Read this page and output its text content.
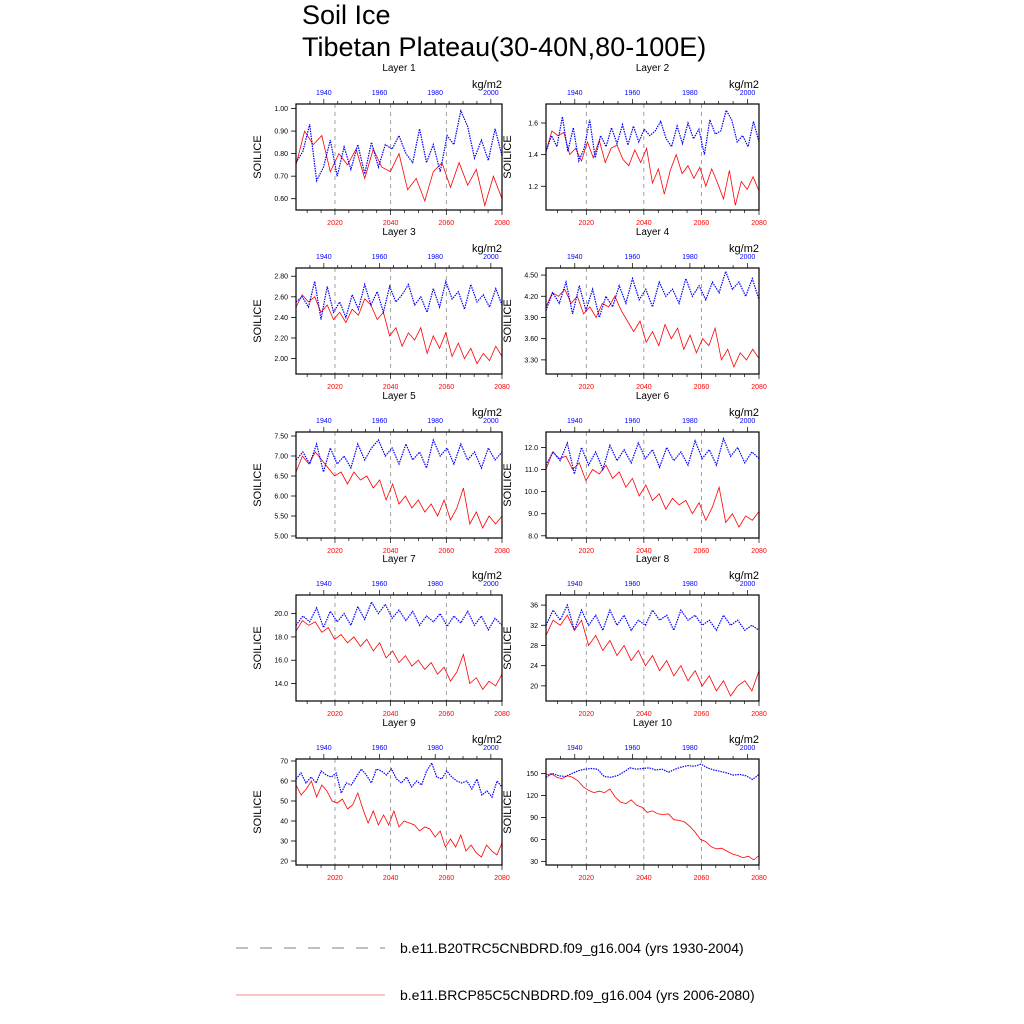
Soil Ice
Tibetan Plateau(30-40N,80-100E)
Layer 1
kg/m2
SOILICE
0.60
0.70
0.80
0.90
1.00
2020	2040	2060	2080
1940	1960	1980	2000
Layer 2
kg/m2
SOILICE
1.2
1.4
1.6
2020	2040	2060	2080
1940	1960	1980	2000
Layer 3
kg/m2
SOILICE
2.00
2.20
2.40
2.60
2.80
2020	2040	2060	2080
1940	1960	1980	2000
Layer 4
kg/m2
SOILICE
3.30
3.60
3.90
4.20
4.50
2020	2040	2060	2080
1940	1960	1980	2000
Layer 5
kg/m2
SOILICE
5.00
5.50
6.00
6.50
7.00
7.50
2020	2040	2060	2080
1940	1960	1980	2000
Layer 6
kg/m2
SOILICE
8.0
9.0
10.0
11.0
12.0
2020	2040	2060	2080
1940	1960	1980	2000
Layer 7
kg/m2
SOILICE
14.0
16.0
18.0
20.0
2020	2040	2060	2080
1940	1960	1980	2000
Layer 8
kg/m2
SOILICE
20
24
28
32
36
2020	2040	2060	2080
1940	1960	1980	2000
Layer 9
kg/m2
SOILICE
20
30
40
50
60
70
2020	2040	2060	2080
1940	1960	1980	2000
Layer 10
kg/m2
SOILICE
30
60
90
120
150
2020	2040	2060	2080
1940	1960	1980	2000
b.e11.B20TRC5CNBDRD.f09_g16.004 (yrs 1930-2004)
b.e11.BRCP85C5CNBDRD.f09_g16.004 (yrs 2006-2080)
